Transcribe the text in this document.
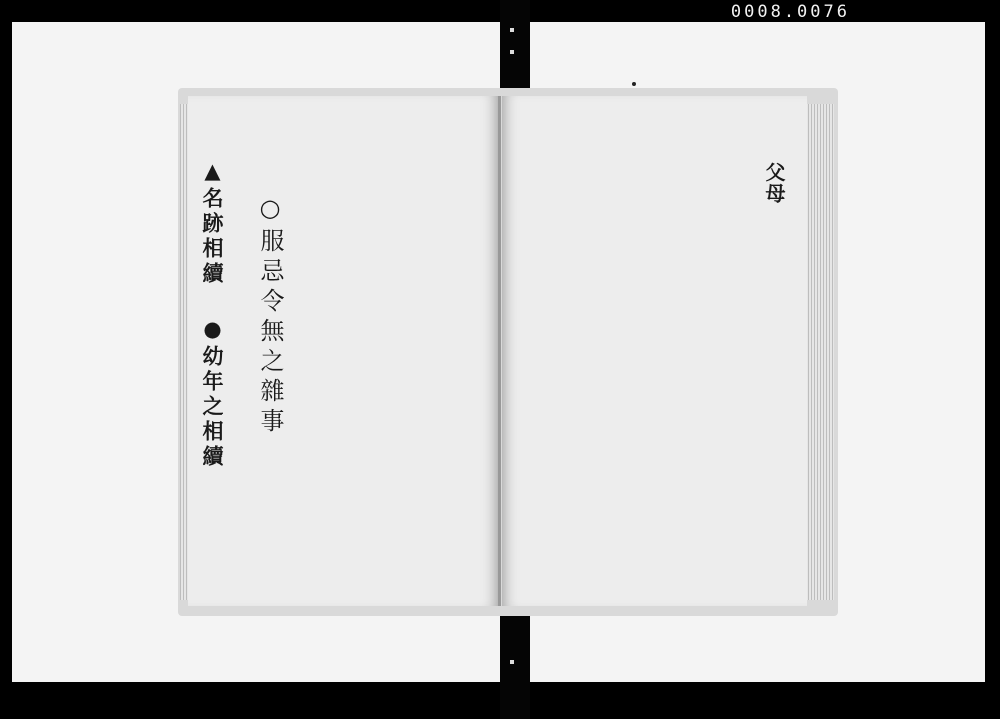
0008.0076
○服忌令無之雜事
▲名跡相續 ●幼年之相續	父母
